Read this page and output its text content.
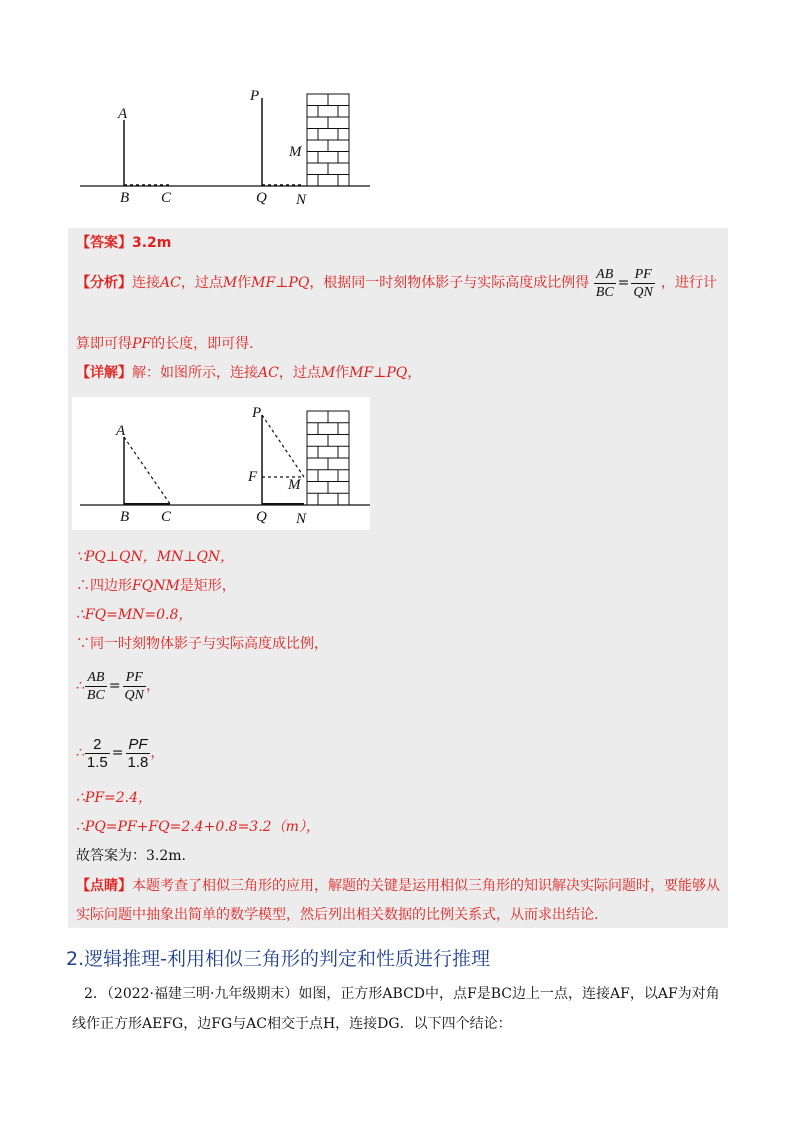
A
B C
P
Q
M
N
【答案】3.2m
【分析】连接AC，过点M作MF⊥PQ，根据同一时刻物体影子与实际高度成比例得 $\frac{AB}{BC} = \frac{PF}{QN}$ ，进行计
算即可得PF的长度，即可得.
【详解】解：如图所示，连接AC，过点M作MF⊥PQ，
A
B C
P
F
Q
M
N
∵PQ⊥QN，MN⊥QN，
∴四边形FQNM是矩形，
∴FQ=MN=0.8，
∵同一时刻物体影子与实际高度成比例，
∴ $\frac{AB}{BC} = \frac{PF}{QN}$ ，
∴ $\frac{2}{1.5} = \frac{PF}{1.8}$ ，
∴PF=2.4，
∴PQ=PF+FQ=2.4+0.8=3.2（m），
故答案为：3.2m.
【点睛】本题考查了相似三角形的应用，解题的关键是运用相似三角形的知识解决实际问题时，要能够从
实际问题中抽象出简单的数学模型，然后列出相关数据的比例关系式，从而求出结论.
2.逻辑推理-利用相似三角形的判定和性质进行推理
2．（2022·福建三明·九年级期末）如图，正方形ABCD中，点F是BC边上一点，连接AF，以AF为对角
线作正方形AEFG，边FG与AC相交于点H，连接DG．以下四个结论：
